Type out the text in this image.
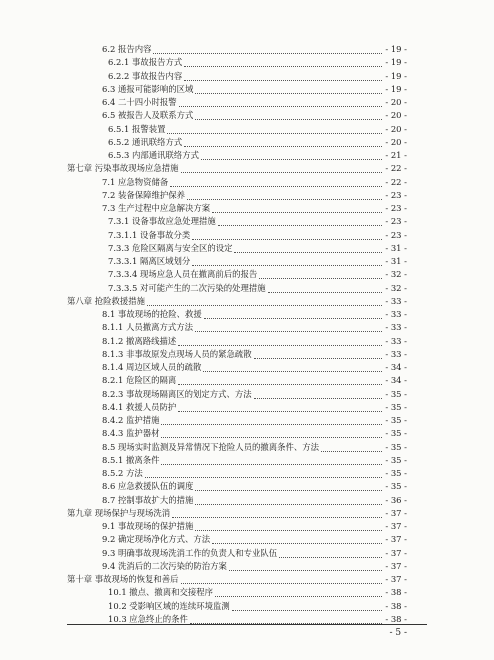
6.2 报告内容	- 19 -
6.2.1 事故报告方式	- 19 -
6.2.2 事故报告内容	- 19 -
6.3 通报可能影响的区域	- 19 -
6.4 二十四小时报警	- 20 -
6.5 被报告人及联系方式	- 20 -
6.5.1 报警装置	- 20 -
6.5.2 通讯联络方式	- 20 -
6.5.3 内部通讯联络方式	- 21 -
第七章 污染事故现场应急措施	- 22 -
7.1 应急物资储备	- 22 -
7.2 装备保障维护保养	- 23 -
7.3 生产过程中应急解决方案	- 23 -
7.3.1 设备事故应急处理措施	- 23 -
7.3.1.1 设备事故分类	- 23 -
7.3.3 危险区隔离与安全区的设定	- 31 -
7.3.3.1 隔离区域划分	- 31 -
7.3.3.4 现场应急人员在撤离前后的报告	- 32 -
7.3.3.5 对可能产生的二次污染的处理措施	- 32 -
第八章 抢险救援措施	- 33 -
8.1 事故现场的抢险、救援	- 33 -
8.1.1 人员撤离方式方法	- 33 -
8.1.2 撤离路线描述	- 33 -
8.1.3 非事故原发点现场人员的紧急疏散	- 33 -
8.1.4 周边区域人员的疏散	- 34 -
8.2.1 危险区的隔离	- 34 -
8.2.3 事故现场隔离区的划定方式、方法	- 35 -
8.4.1 救援人员防护	- 35 -
8.4.2 监护措施	- 35 -
8.4.3 监护器材	- 35 -
8.5 现场实时监测及异常情况下抢险人员的撤离条件、方法	- 35 -
8.5.1 撤离条件	- 35 -
8.5.2 方法	- 35 -
8.6 应急救援队伍的调度	- 35 -
8.7 控制事故扩大的措施	- 36 -
第九章 现场保护与现场洗消	- 37 -
9.1 事故现场的保护措施	- 37 -
9.2 确定现场净化方式、方法	- 37 -
9.3 明确事故现场洗消工作的负责人和专业队伍	- 37 -
9.4 洗消后的二次污染的防治方案	- 37 -
第十章 事故现场的恢复和善后	- 37 -
10.1 撤点、撤离和交接程序	- 38 -
10.2 受影响区域的连续环境监测	- 38 -
10.3 应急终止的条件	- 38 -
- 5 -
